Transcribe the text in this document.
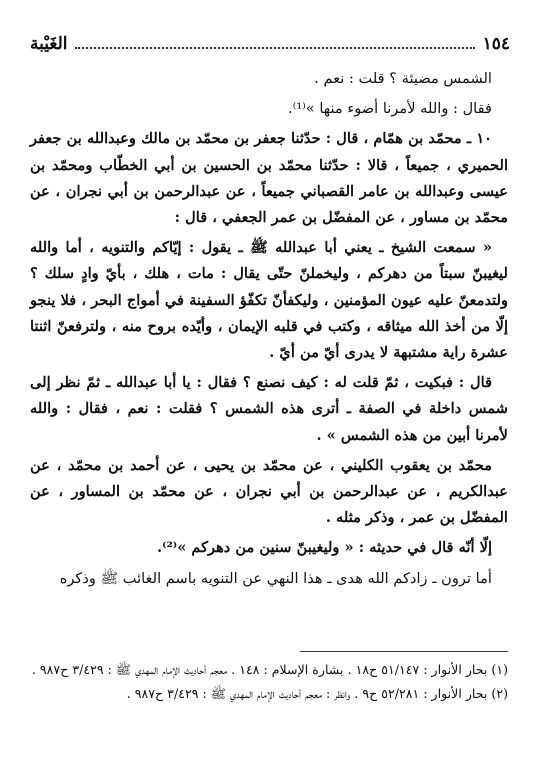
١٥٤
الغَيْبة

الشمس مضيئة ؟ قلت : نعم .

فقال : والله لأمرنا أضوء منها »⁽¹⁾.

١٠ ـ محمّد بن همّام ، قال : حدّثنا جعفر بن محمّد بن مالك وعبدالله بن جعفر الحميري ، جميعاً ، قالا : حدّثنا محمّد بن الحسين بن أبي الخطّاب ومحمّد بن عيسى وعبدالله بن عامر القصباني جميعاً ، عن عبدالرحمن بن أبي نجران ، عن محمّد بن مساور ، عن المفضّل بن عمر الجعفي ، قال :

« سمعت الشيخ ـ يعني أبا عبدالله ﷺ ـ يقول : إيّاكم والتنويه ، أما والله ليغيبنّ سبتاً من دهركم ، وليخملنّ حتّى يقال : مات ، هلك ، بأيّ وادٍ سلك ؟ ولتدمعنّ عليه عيون المؤمنين ، وليكفأنّ تكفّؤ السفينة في أمواج البحر ، فلا ينجو إلّا من أخذ الله ميثاقه ، وكتب في قلبه الإيمان ، وأيّده بروح منه ، ولترفعنّ اثنتا عشرة راية مشتبهة لا يدرى أيّ من أيّ .

قال : فبكيت ، ثمّ قلت له : كيف نصنع ؟ فقال : يا أبا عبدالله ـ ثمّ نظر إلى شمس داخلة في الصفة ـ أترى هذه الشمس ؟ فقلت : نعم ، فقال : والله لأمرنا أبين من هذه الشمس » .

محمّد بن يعقوب الكليني ، عن محمّد بن يحيى ، عن أحمد بن محمّد ، عن عبدالكريم ، عن عبدالرحمن بن أبي نجران ، عن محمّد بن المساور ، عن المفضّل بن عمر ، وذكر مثله .

إلّا أنّه قال في حديثه : « وليغيبنّ سنين من دهركم »⁽²⁾.

أما ترون ـ زادكم الله هدى ـ هذا النهي عن التنويه باسم الغائب ﷺ وذكره

(١) بحار الأنوار : ٥١/١٤٧ ح١٨ . بشارة الإسلام : ١٤٨ . معجم أحاديث الإمام المهدي ﷺ : ٣/٤٢٩ ح٩٨٧ .

(٢) بحار الأنوار : ٥٢/٢٨١ ح٩ . وانظر : معجم أحاديث الإمام المهدي ﷺ : ٣/٤٢٩ ح٩٨٧ .
